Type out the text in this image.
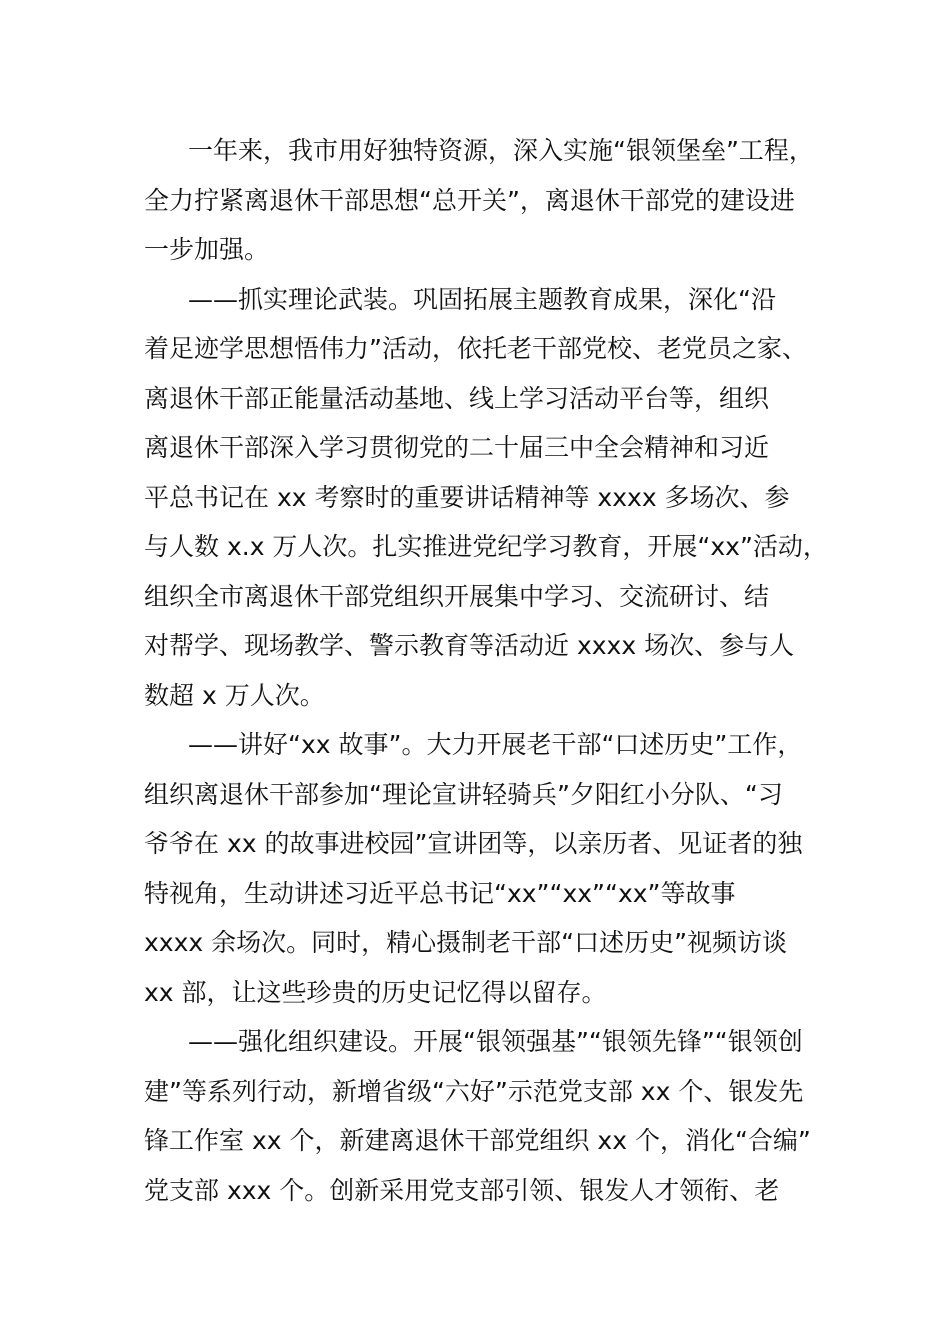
一年来，我市用好独特资源，深入实施“银领堡垒”工程，
全力拧紧离退休干部思想“总开关”，离退休干部党的建设进
一步加强。
——抓实理论武装。巩固拓展主题教育成果，深化“沿
着足迹学思想悟伟力”活动，依托老干部党校、老党员之家、
离退休干部正能量活动基地、线上学习活动平台等，组织
离退休干部深入学习贯彻党的二十届三中全会精神和习近
平总书记在 xx 考察时的重要讲话精神等 xxxx 多场次、参
与人数 x.x 万人次。扎实推进党纪学习教育，开展“xx”活动，
组织全市离退休干部党组织开展集中学习、交流研讨、结
对帮学、现场教学、警示教育等活动近 xxxx 场次、参与人
数超 x 万人次。
——讲好“xx 故事”。大力开展老干部“口述历史”工作，
组织离退休干部参加“理论宣讲轻骑兵”夕阳红小分队、“习
爷爷在 xx 的故事进校园”宣讲团等，以亲历者、见证者的独
特视角，生动讲述习近平总书记“xx”“xx”“xx”等故事
xxxx 余场次。同时，精心摄制老干部“口述历史”视频访谈
xx 部，让这些珍贵的历史记忆得以留存。
——强化组织建设。开展“银领强基”“银领先锋”“银领创
建”等系列行动，新增省级“六好”示范党支部 xx 个、银发先
锋工作室 xx 个，新建离退休干部党组织 xx 个，消化“合编”
党支部 xxx 个。创新采用党支部引领、银发人才领衔、老
